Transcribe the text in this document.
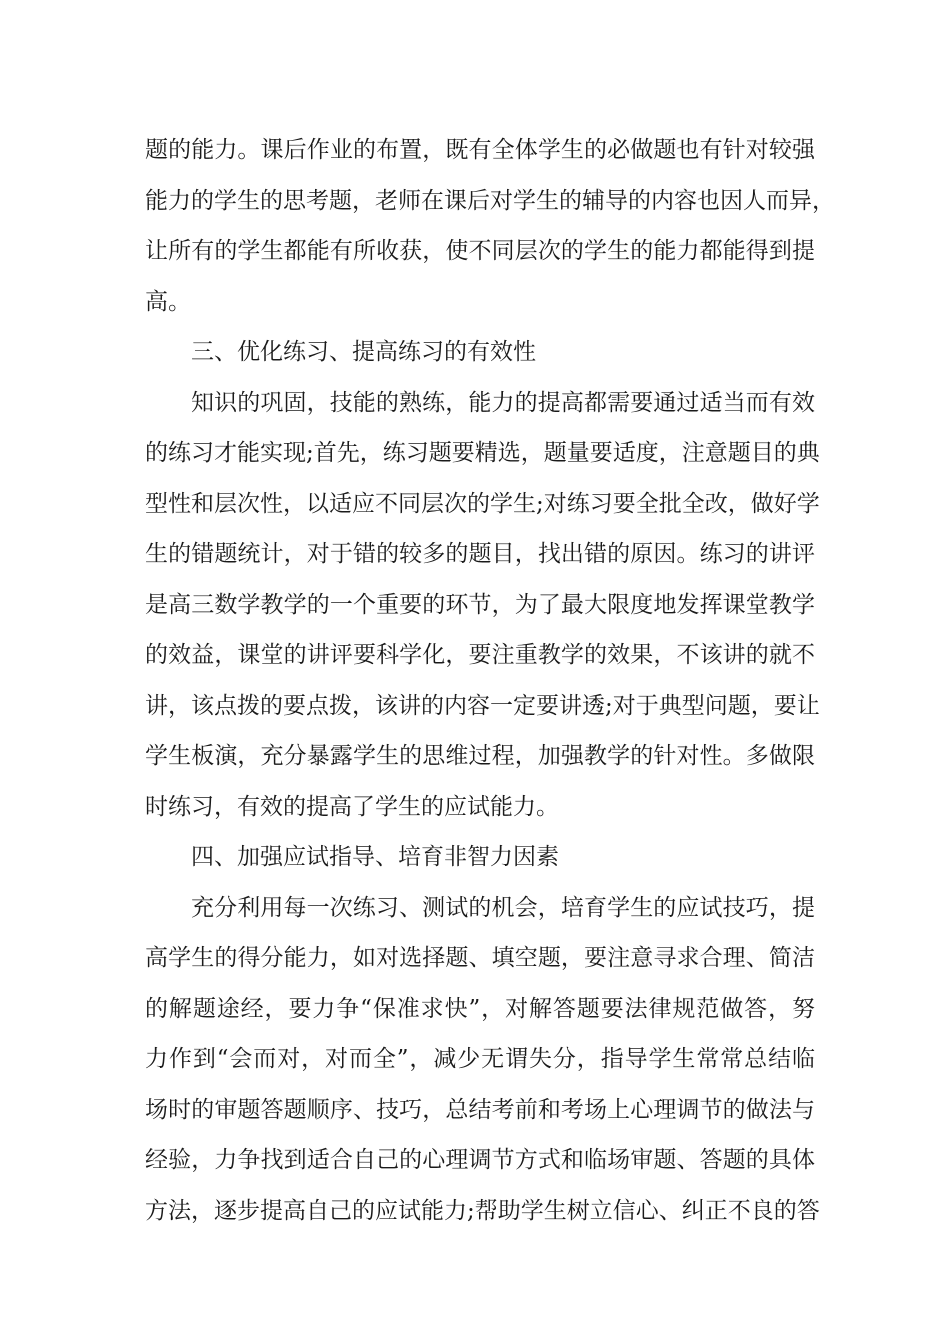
题的能力。课后作业的布置，既有全体学生的必做题也有针对较强
能力的学生的思考题，老师在课后对学生的辅导的内容也因人而异，
让所有的学生都能有所收获，使不同层次的学生的能力都能得到提
高。
三、优化练习、提高练习的有效性
知识的巩固，技能的熟练，能力的提高都需要通过适当而有效
的练习才能实现;首先，练习题要精选，题量要适度，注意题目的典
型性和层次性，以适应不同层次的学生;对练习要全批全改，做好学
生的错题统计，对于错的较多的题目，找出错的原因。练习的讲评
是高三数学教学的一个重要的环节，为了最大限度地发挥课堂教学
的效益，课堂的讲评要科学化，要注重教学的效果，不该讲的就不
讲，该点拨的要点拨，该讲的内容一定要讲透;对于典型问题，要让
学生板演，充分暴露学生的思维过程，加强教学的针对性。多做限
时练习，有效的提高了学生的应试能力。
四、加强应试指导、培育非智力因素
充分利用每一次练习、测试的机会，培育学生的应试技巧，提
高学生的得分能力，如对选择题、填空题，要注意寻求合理、简洁
的解题途经，要力争“保准求快”，对解答题要法律规范做答，努
力作到“会而对，对而全”，减少无谓失分，指导学生常常总结临
场时的审题答题顺序、技巧，总结考前和考场上心理调节的做法与
经验，力争找到适合自己的心理调节方式和临场审题、答题的具体
方法，逐步提高自己的应试能力;帮助学生树立信心、纠正不良的答
